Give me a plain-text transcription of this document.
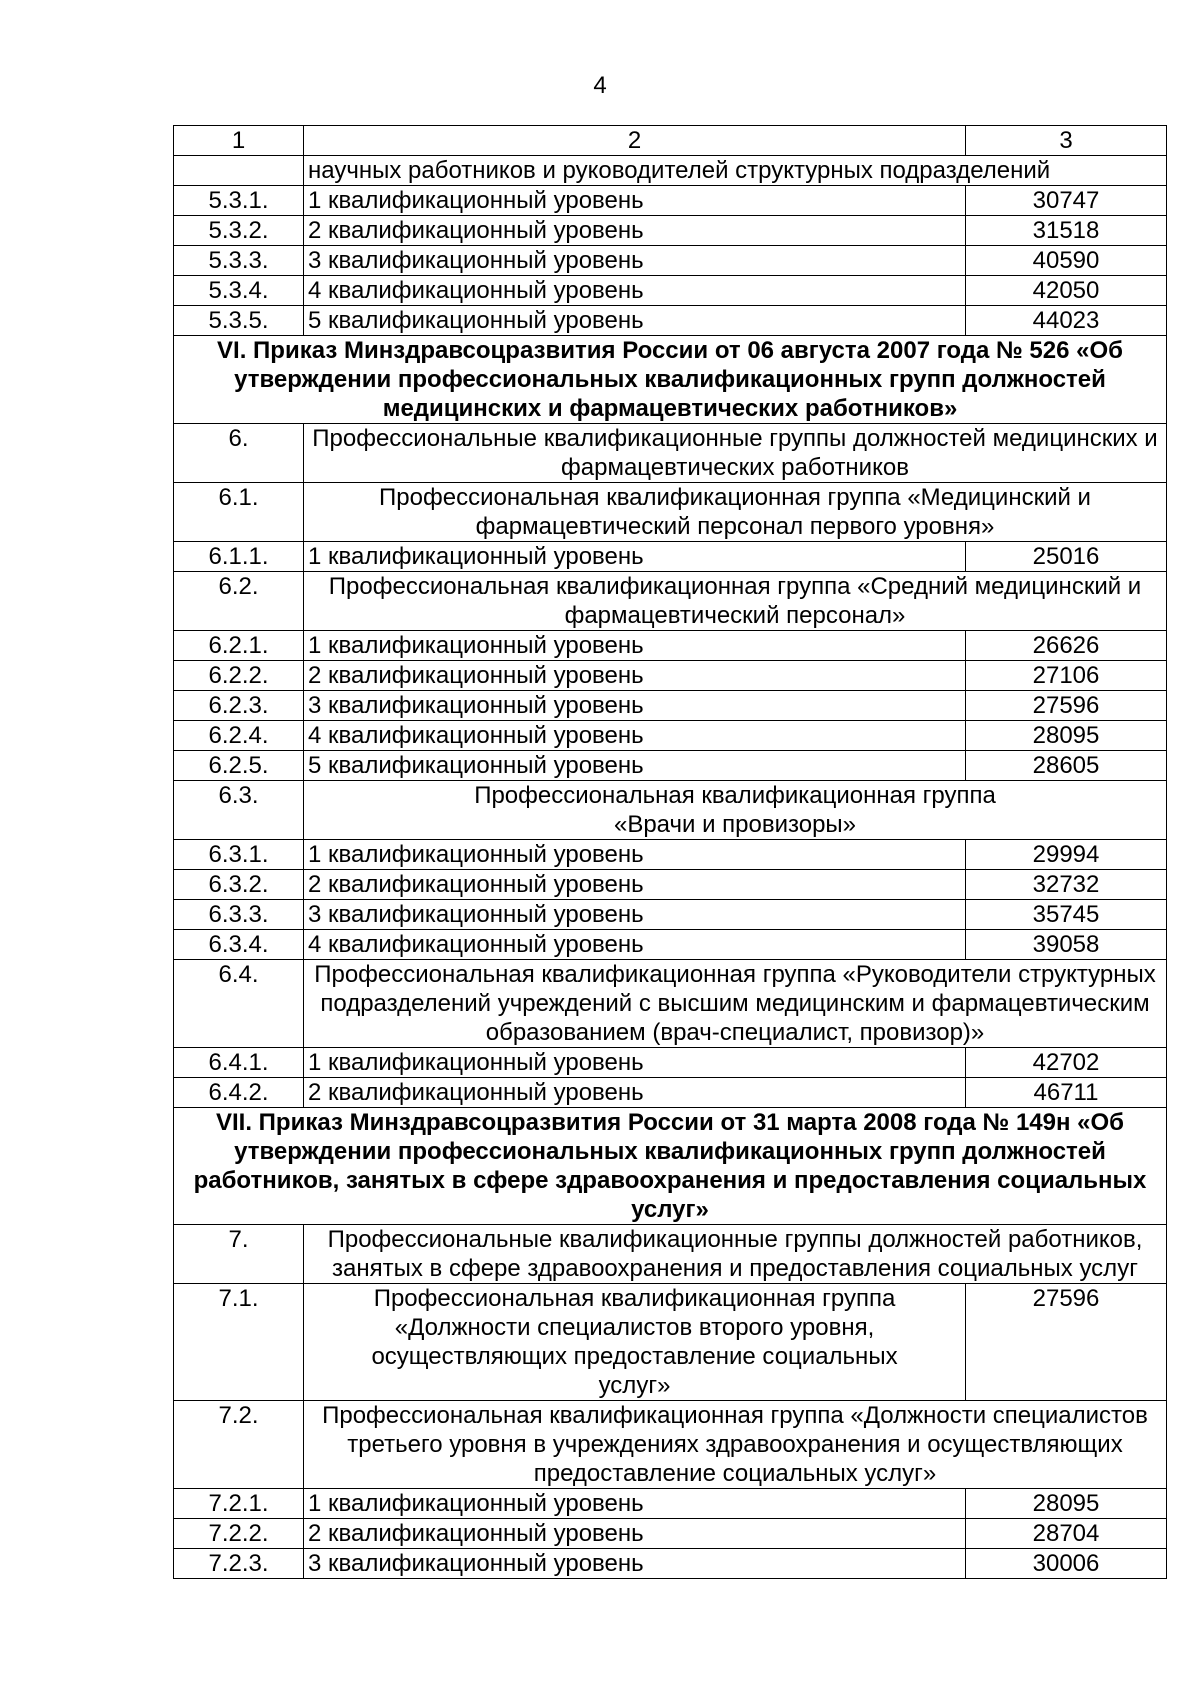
4
1	2	3
	научных работников и руководителей структурных подразделений	
5.3.1.	1 квалификационный уровень	30747
5.3.2.	2 квалификационный уровень	31518
5.3.3.	3 квалификационный уровень	40590
5.3.4.	4 квалификационный уровень	42050
5.3.5.	5 квалификационный уровень	44023
VI. Приказ Минздравсоцразвития России от 06 августа 2007 года № 526 «Об утверждении профессиональных квалификационных групп должностей медицинских и фармацевтических работников»		
6.	Профессиональные квалификационные группы должностей медицинских и фармацевтических работников	
6.1.	Профессиональная квалификационная группа «Медицинский и фармацевтический персонал первого уровня»	
6.1.1.	1 квалификационный уровень	25016
6.2.	Профессиональная квалификационная группа «Средний медицинский и фармацевтический персонал»	
6.2.1.	1 квалификационный уровень	26626
6.2.2.	2 квалификационный уровень	27106
6.2.3.	3 квалификационный уровень	27596
6.2.4.	4 квалификационный уровень	28095
6.2.5.	5 квалификационный уровень	28605
6.3.	Профессиональная квалификационная группа
«Врачи и провизоры»	
6.3.1.	1 квалификационный уровень	29994
6.3.2.	2 квалификационный уровень	32732
6.3.3.	3 квалификационный уровень	35745
6.3.4.	4 квалификационный уровень	39058
6.4.	Профессиональная квалификационная группа «Руководители структурных подразделений учреждений с высшим медицинским и фармацевтическим образованием (врач-специалист, провизор)»	
6.4.1.	1 квалификационный уровень	42702
6.4.2.	2 квалификационный уровень	46711
VII. Приказ Минздравсоцразвития России от 31 марта 2008 года № 149н «Об утверждении профессиональных квалификационных групп должностей работников, занятых в сфере здравоохранения и предоставления социальных услуг»		
7.	Профессиональные квалификационные группы должностей работников, занятых в сфере здравоохранения и предоставления социальных услуг	
7.1.	Профессиональная квалификационная группа «Должности специалистов второго уровня, осуществляющих предоставление социальных услуг»	27596
7.2.	Профессиональная квалификационная группа «Должности специалистов третьего уровня в учреждениях здравоохранения и осуществляющих предоставление социальных услуг»	
7.2.1.	1 квалификационный уровень	28095
7.2.2.	2 квалификационный уровень	28704
7.2.3.	3 квалификационный уровень	30006
